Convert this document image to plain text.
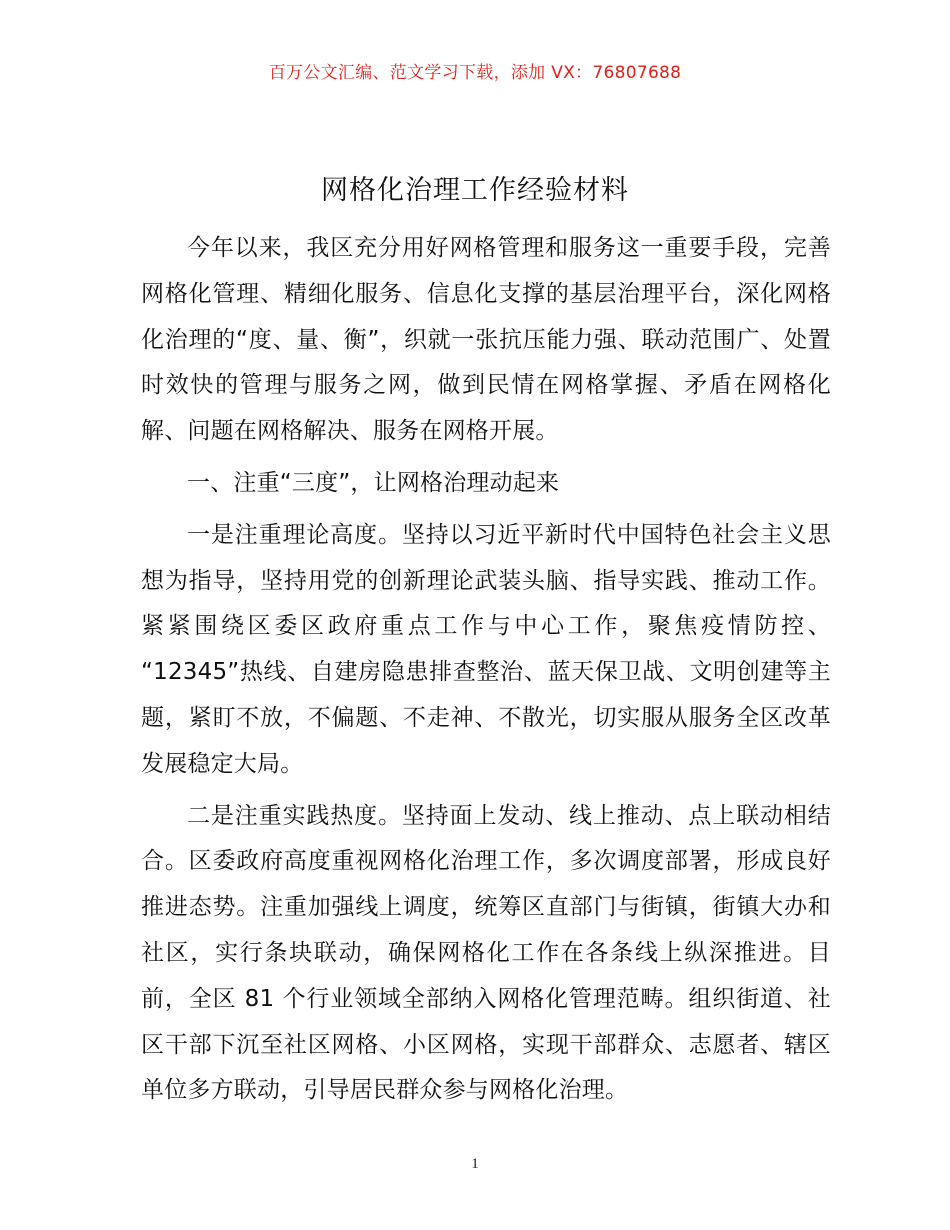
百万公文汇编、范文学习下载，添加 VX：76807688
网格化治理工作经验材料

今年以来，我区充分用好网格管理和服务这一重要手段，完善网格化管理、精细化服务、信息化支撑的基层治理平台，深化网格化治理的“度、量、衡”，织就一张抗压能力强、联动范围广、处置时效快的管理与服务之网，做到民情在网格掌握、矛盾在网格化解、问题在网格解决、服务在网格开展。

一、注重“三度”，让网格治理动起来

一是注重理论高度。坚持以习近平新时代中国特色社会主义思想为指导，坚持用党的创新理论武装头脑、指导实践、推动工作。紧紧围绕区委区政府重点工作与中心工作，聚焦疫情防控、 “12345”热线、自建房隐患排查整治、蓝天保卫战、文明创建等主题，紧盯不放，不偏题、不走神、不散光，切实服从服务全区改革发展稳定大局。

二是注重实践热度。坚持面上发动、线上推动、点上联动相结合。区委政府高度重视网格化治理工作，多次调度部署，形成良好推进态势。注重加强线上调度，统筹区直部门与街镇，街镇大办和社区，实行条块联动，确保网格化工作在各条线上纵深推进。目前，全区 81 个行业领域全部纳入网格化管理范畴。组织街道、社区干部下沉至社区网格、小区网格，实现干部群众、志愿者、辖区单位多方联动，引导居民群众参与网格化治理。

1
